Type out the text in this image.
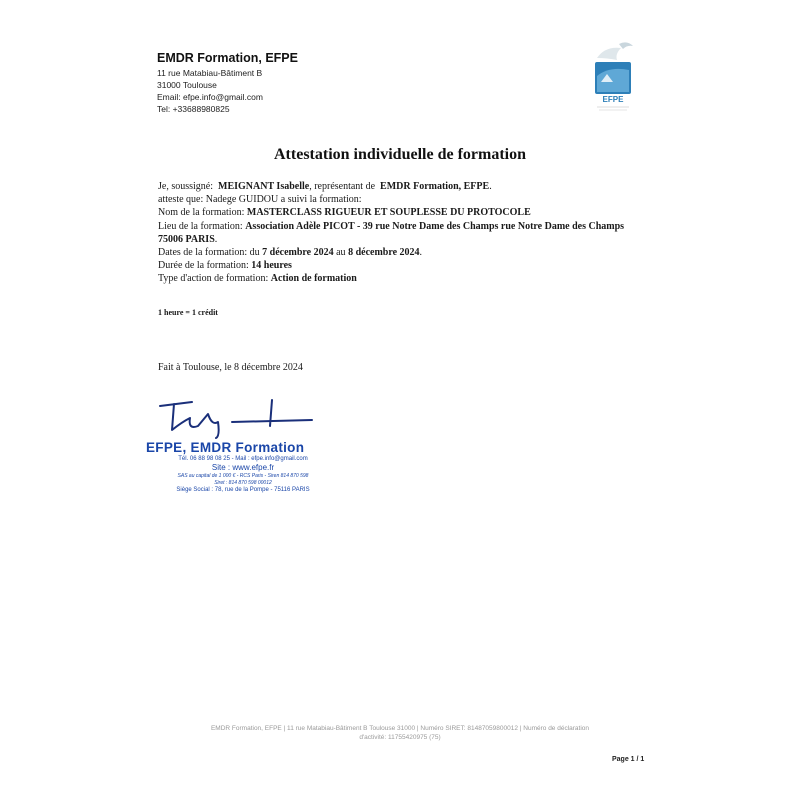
EMDR Formation, EFPE
11 rue Matabiau-Bâtiment B
31000 Toulouse
Email: efpe.info@gmail.com
Tel: +33688980825
EFPE
Attestation individuelle de formation
Je, soussigné: MEIGNANT Isabelle, représentant de EMDR Formation, EFPE.
atteste que: Nadege GUIDOU a suivi la formation:
Nom de la formation: MASTERCLASS RIGUEUR ET SOUPLESSE DU PROTOCOLE
Lieu de la formation: Association Adèle PICOT - 39 rue Notre Dame des Champs rue Notre Dame des Champs 75006 PARIS.
Dates de la formation: du 7 décembre 2024 au 8 décembre 2024.
Durée de la formation: 14 heures
Type d'action de formation: Action de formation
1 heure = 1 crédit
Fait à Toulouse, le 8 décembre 2024
EFPE, EMDR Formation
Tél. 06 88 98 08 25 - Mail : efpe.info@gmail.com
Site : www.efpe.fr
SAS au capital de 1 000 € - RCS Paris - Siren 814 870 598
Siret : 814 870 598 00012
Siège Social : 78, rue de la Pompe - 75116 PARIS
EMDR Formation, EFPE | 11 rue Matabiau-Bâtiment B Toulouse 31000 | Numéro SIRET: 81487059800012 | Numéro de déclaration
d'activité: 11755420975 (75)
Page 1 / 1
